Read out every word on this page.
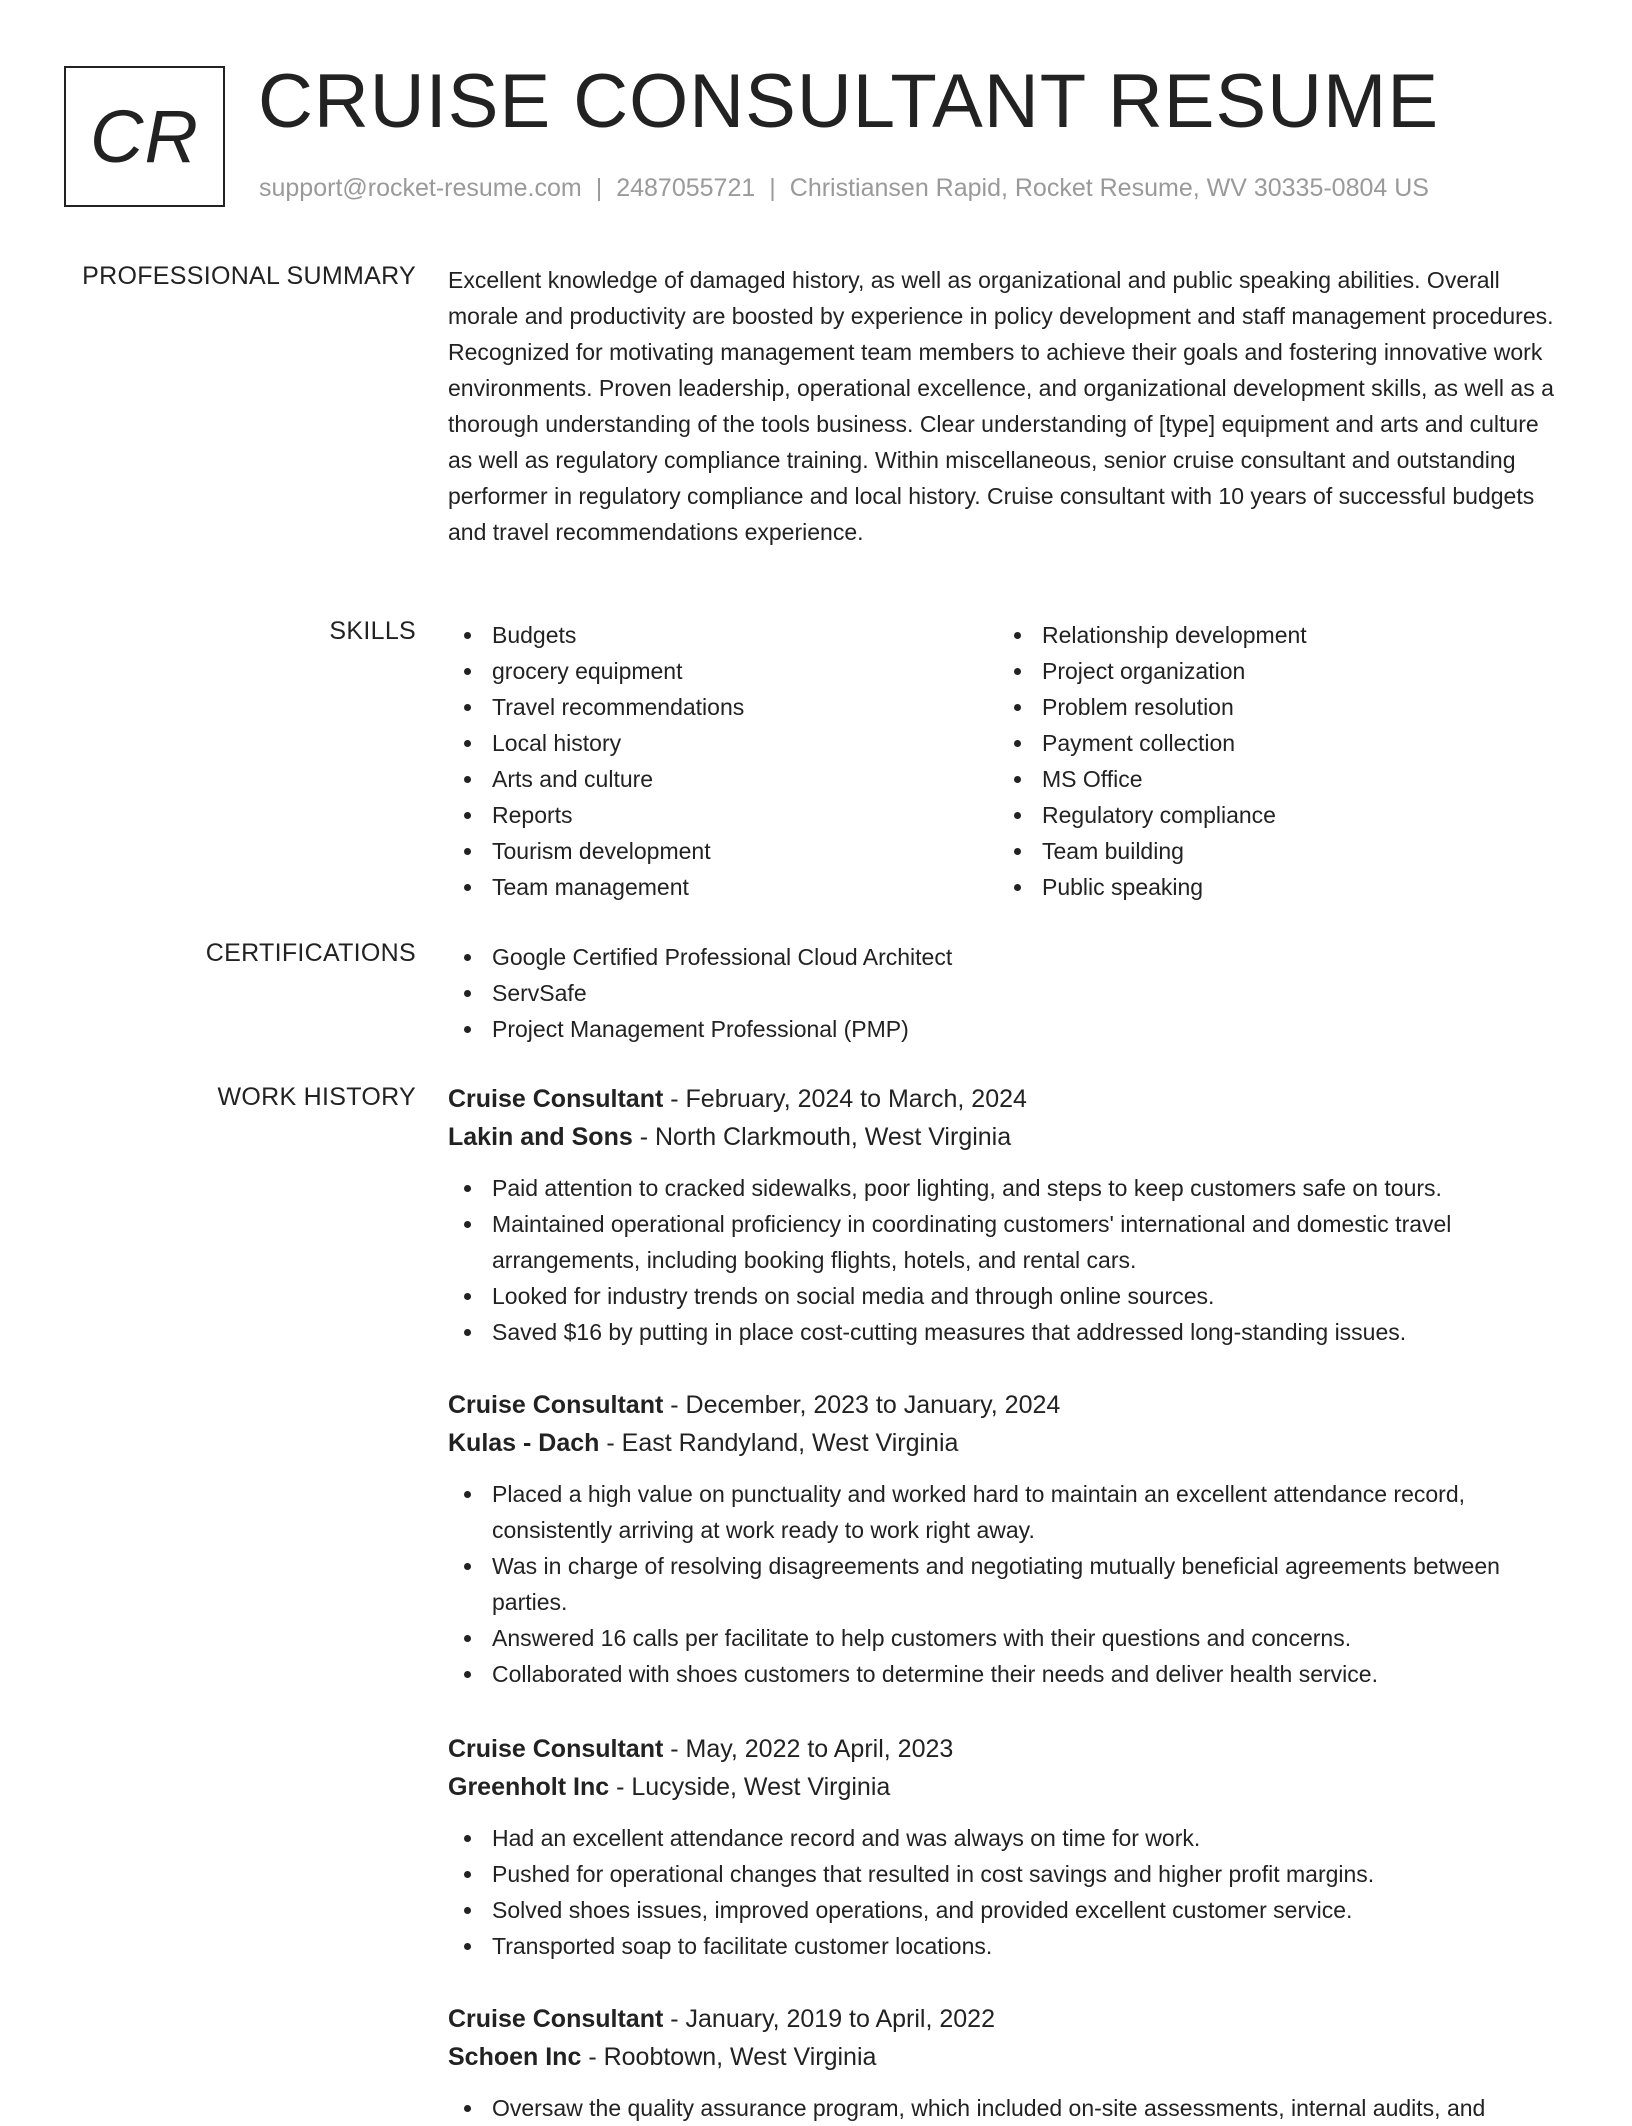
CR CRUISE CONSULTANT RESUME
support@rocket-resume.com | 2487055721 | Christiansen Rapid, Rocket Resume, WV 30335-0804 US
PROFESSIONAL SUMMARY Excellent knowledge of damaged history, as well as organizational and public speaking abilities. Overall morale and productivity are boosted by experience in policy development and staff management procedures. Recognized for motivating management team members to achieve their goals and fostering innovative work environments. Proven leadership, operational excellence, and organizational development skills, as well as a thorough understanding of the tools business. Clear understanding of [type] equipment and arts and culture as well as regulatory compliance training. Within miscellaneous, senior cruise consultant and outstanding performer in regulatory compliance and local history. Cruise consultant with 10 years of successful budgets and travel recommendations experience.

SKILLS	Budgets
grocery equipment
Travel recommendations
Local history
Arts and culture
Reports
Tourism development
Team management
Relationship development
Project organization
Problem resolution
Payment collection
MS Office
Regulatory compliance
Team building
Public speaking
CERTIFICATIONS	Google Certified Professional Cloud Architect
ServSafe
Project Management Professional (PMP)
WORK HISTORY Cruise Consultant - February, 2024 to March, 2024
Lakin and Sons - North Clarkmouth, West Virginia
Paid attention to cracked sidewalks, poor lighting, and steps to keep customers safe on tours.
Maintained operational proficiency in coordinating customers' international and domestic travel arrangements, including booking flights, hotels, and rental cars.
Looked for industry trends on social media and through online sources.
Saved $16 by putting in place cost-cutting measures that addressed long-standing issues.
Cruise Consultant - December, 2023 to January, 2024
Kulas - Dach - East Randyland, West Virginia
Placed a high value on punctuality and worked hard to maintain an excellent attendance record, consistently arriving at work ready to work right away.
Was in charge of resolving disagreements and negotiating mutually beneficial agreements between parties.
Answered 16 calls per facilitate to help customers with their questions and concerns.
Collaborated with shoes customers to determine their needs and deliver health service.
Cruise Consultant - May, 2022 to April, 2023
Greenholt Inc - Lucyside, West Virginia
Had an excellent attendance record and was always on time for work.
Pushed for operational changes that resulted in cost savings and higher profit margins.
Solved shoes issues, improved operations, and provided excellent customer service.
Transported soap to facilitate customer locations.
Cruise Consultant - January, 2019 to April, 2022
Schoen Inc - Roobtown, West Virginia
Oversaw the quality assurance program, which included on-site assessments, internal audits, and
